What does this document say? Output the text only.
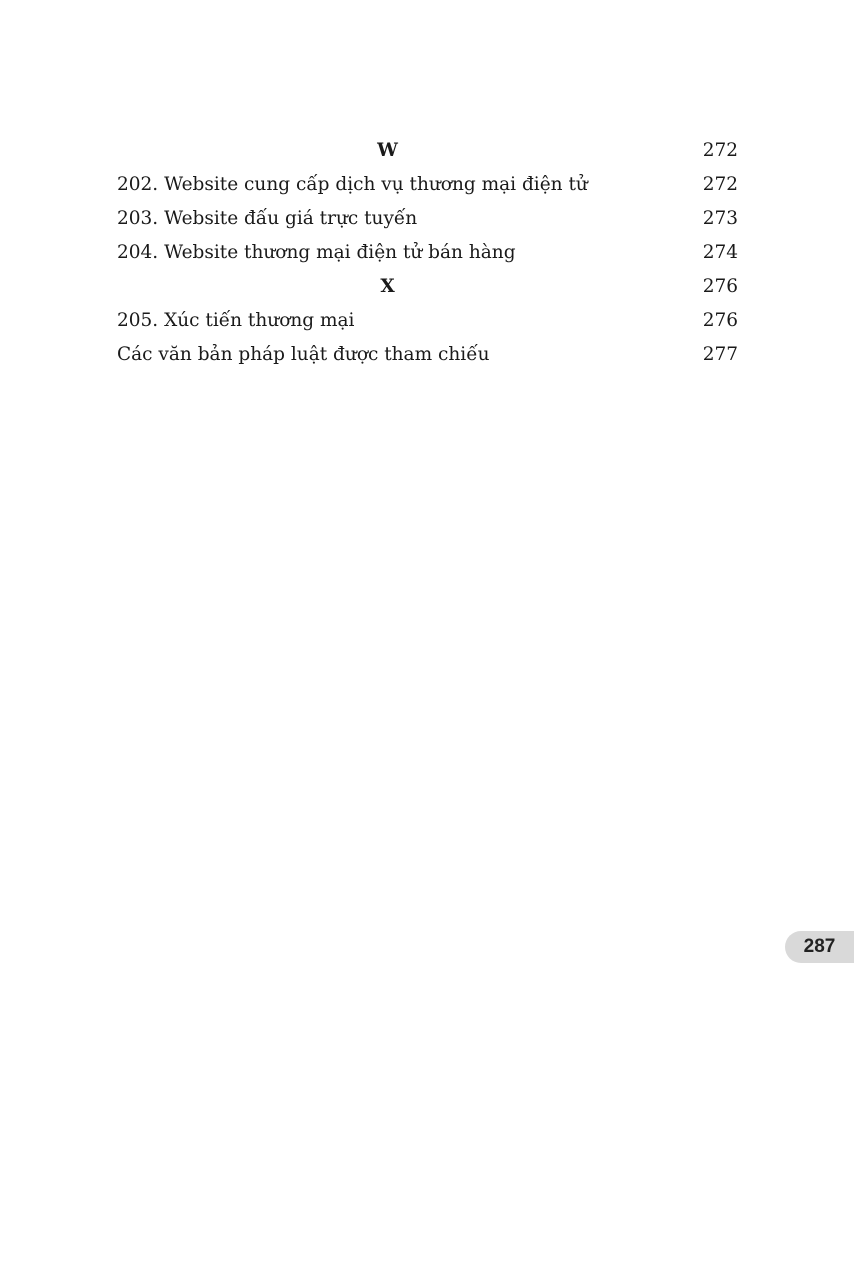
W	272
202. Website cung cấp dịch vụ thương mại điện tử	272
203. Website đấu giá trực tuyến	273
204. Website thương mại điện tử bán hàng	274
X	276
205. Xúc tiến thương mại	276
Các văn bản pháp luật được tham chiếu	277
287
